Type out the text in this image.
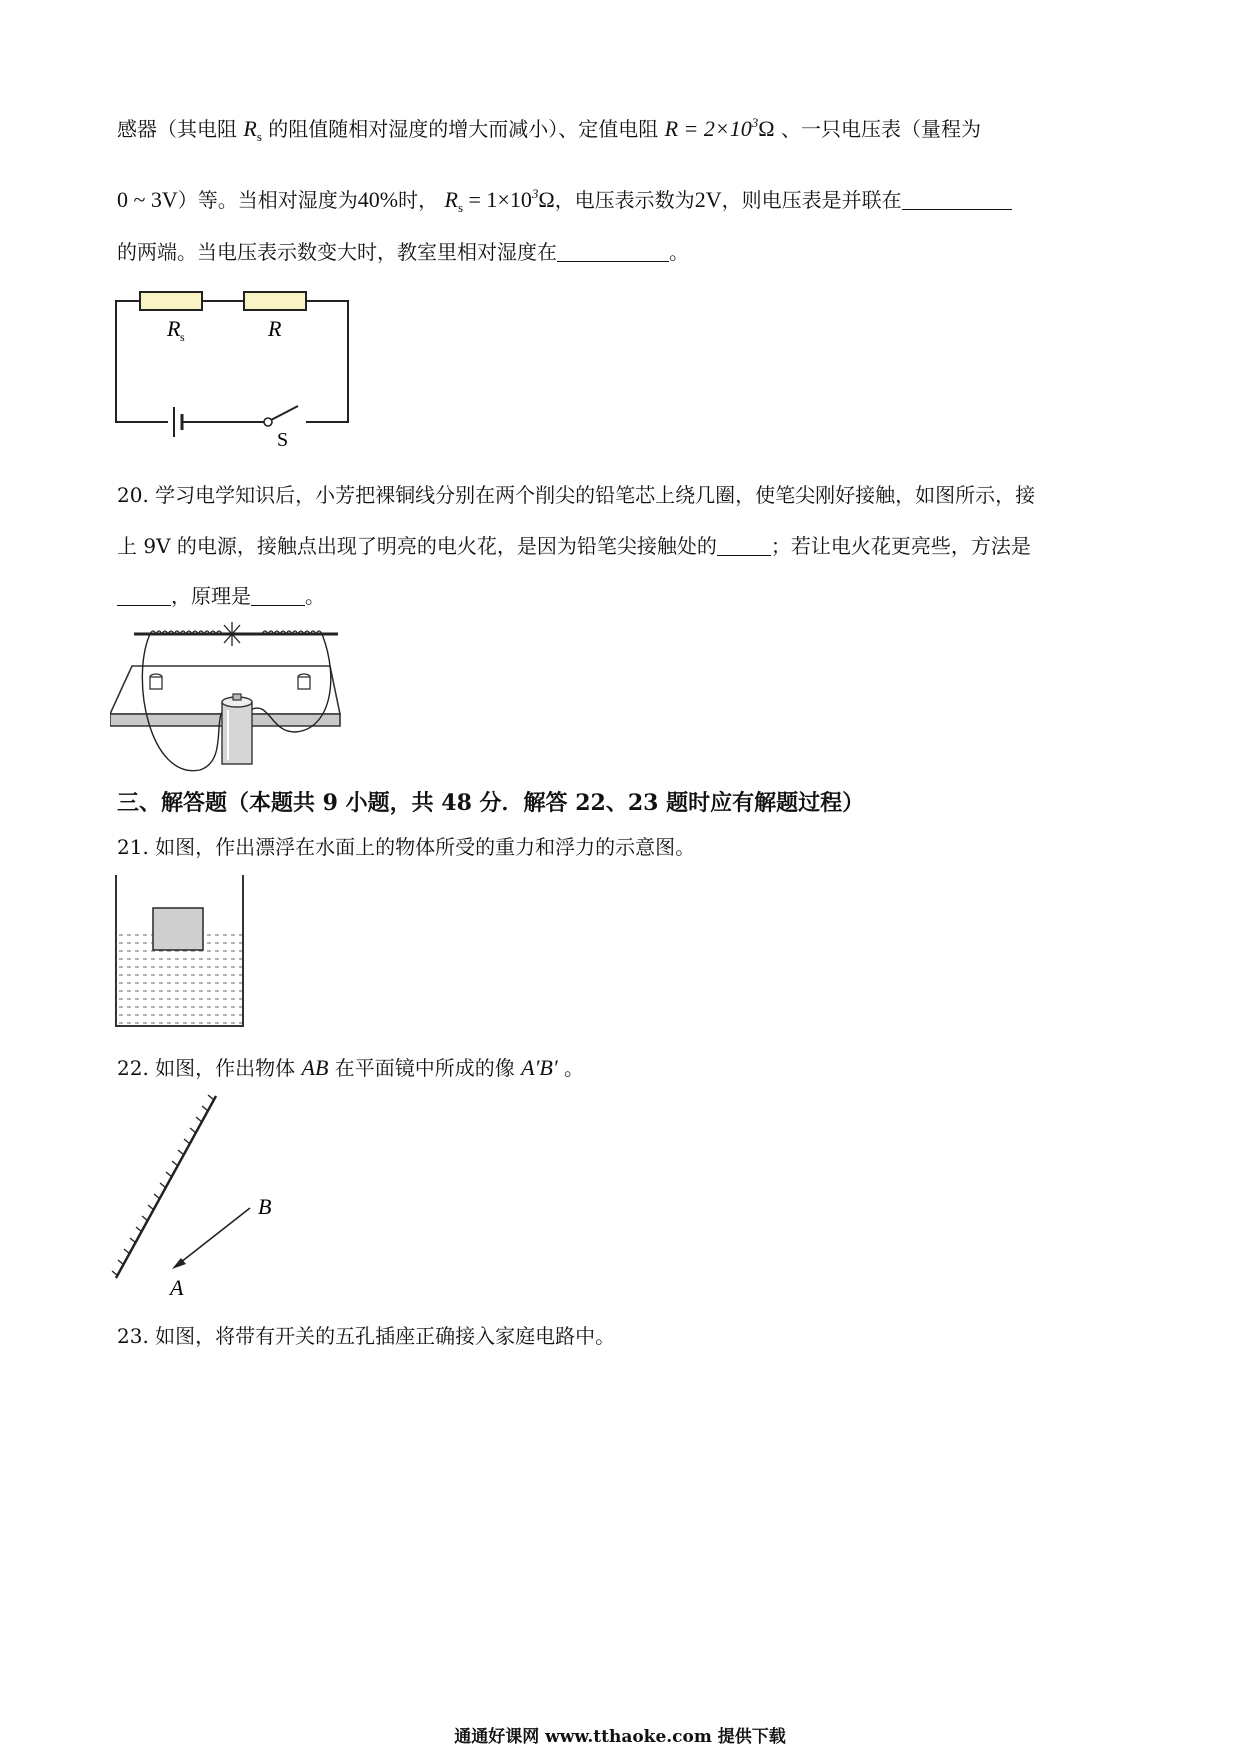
感器（其电阻 $R_s$ 的阻值随相对湿度的增大而减小）、定值电阻 $R = 2\times 10^3\Omega$ 、一只电压表（量程为
0 ~ 3V）等。当相对湿度为40%时， $R_s = 1\times 10^3\Omega$，电压表示数为2V，则电压表是并联在
的两端。当电压表示数变大时，教室里相对湿度在	。
R s	R
S
20. 学习电学知识后，小芳把裸铜线分别在两个削尖的铅笔芯上绕几圈，使笔尖刚好接触，如图所示，接
上 9V 的电源，接触点出现了明亮的电火花，是因为铅笔尖接触处的	；若让电火花更亮些，方法是
，原理是	。
三、解答题（本题共 9 小题，共 48 分．解答 22、23 题时应有解题过程）
21. 如图，作出漂浮在水面上的物体所受的重力和浮力的示意图。
22. 如图，作出物体 AB 在平面镜中所成的像 A′B′ 。
B
A
23. 如图，将带有开关的五孔插座正确接入家庭电路中。
通通好课网 www.tthaoke.com 提供下载
